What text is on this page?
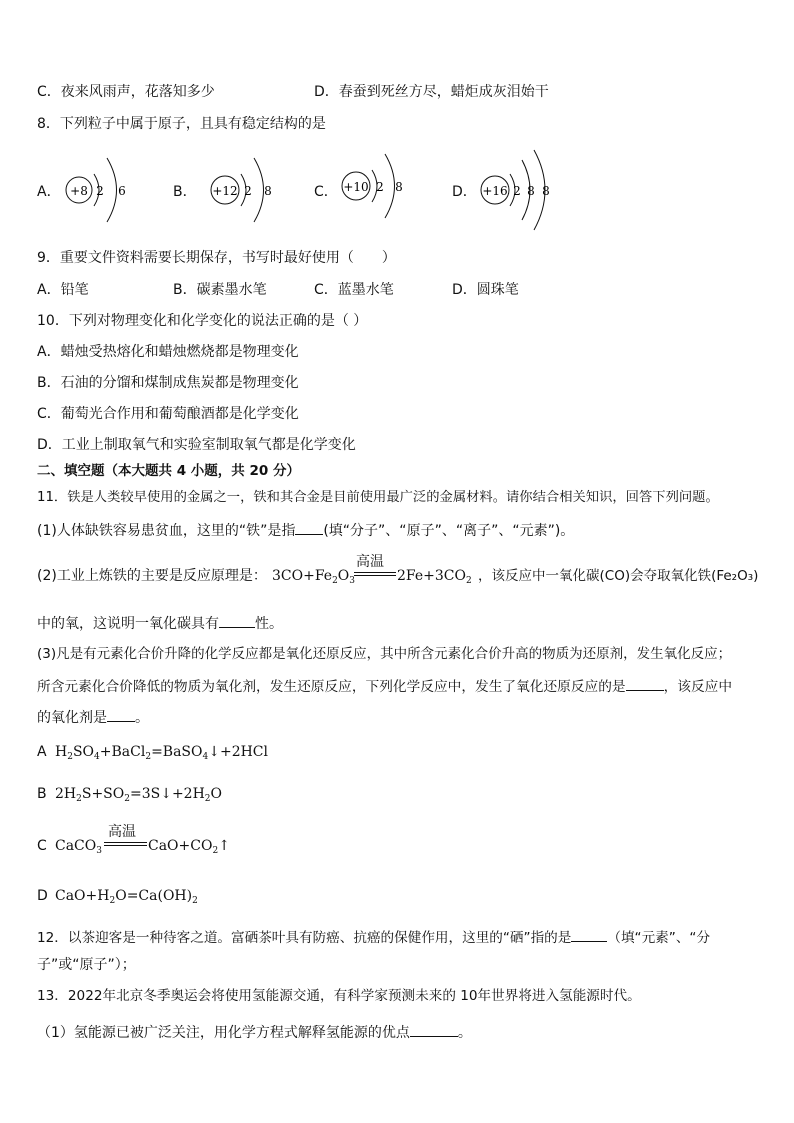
C．夜来风雨声，花落知多少	D．春蚕到死丝方尽，蜡炬成灰泪始干
8．下列粒子中属于原子，且具有稳定结构的是
A． +8 2 6	B． +12 2 8	C． +10 2 8	D． +16 2 8 8
9．重要文件资料需要长期保存，书写时最好使用（　　）
A．铅笔	B．碳素墨水笔	C．蓝墨水笔	D．圆珠笔
10．下列对物理变化和化学变化的说法正确的是（ ）
A．蜡烛受热熔化和蜡烛燃烧都是物理变化
B．石油的分馏和煤制成焦炭都是物理变化
C．葡萄光合作用和葡萄酿酒都是化学变化
D．工业上制取氧气和实验室制取氧气都是化学变化
二、填空题（本大题共 4 小题，共 20 分）
11．铁是人类较早使用的金属之一，铁和其合金是目前使用最广泛的金属材料。请你结合相关知识，回答下列问题。
(1)人体缺铁容易患贫血，这里的“铁”是指 (填“分子”、“原子”、“离子”、“元素”)。
(2)工业上炼铁的主要是反应原理是： $3CO+Fe_2O_3$
高温
$2Fe+3CO_2$ ，该反应中一氧化碳(CO)会夺取氧化铁(Fe₂O₃)
中的氧，这说明一氧化碳具有	性。
(3)凡是有元素化合价升降的化学反应都是氧化还原反应，其中所含元素化合价升高的物质为还原剂，发生氧化反应；
所含元素化合价降低的物质为氧化剂，发生还原反应，下列化学反应中，发生了氧化还原反应的是	，该反应中
的氧化剂是 。
A $H_2SO_4+BaCl_2=BaSO_4↓+2HCl$
B $2H_2S+SO_2=3S↓+2H_2O$
C CaCO$_3$
高温
$CaO+CO_2↑$
D $CaO+H_2O=Ca(OH)_2$
12．以茶迎客是一种待客之道。富硒茶叶具有防癌、抗癌的保健作用，这里的“硒”指的是	（填“元素”、“分
子”或“原子”）；
13．2022年北京冬季奥运会将使用氢能源交通，有科学家预测未来的 10年世界将进入氢能源时代。
（1）氢能源已被广泛关注，用化学方程式解释氢能源的优点	。
